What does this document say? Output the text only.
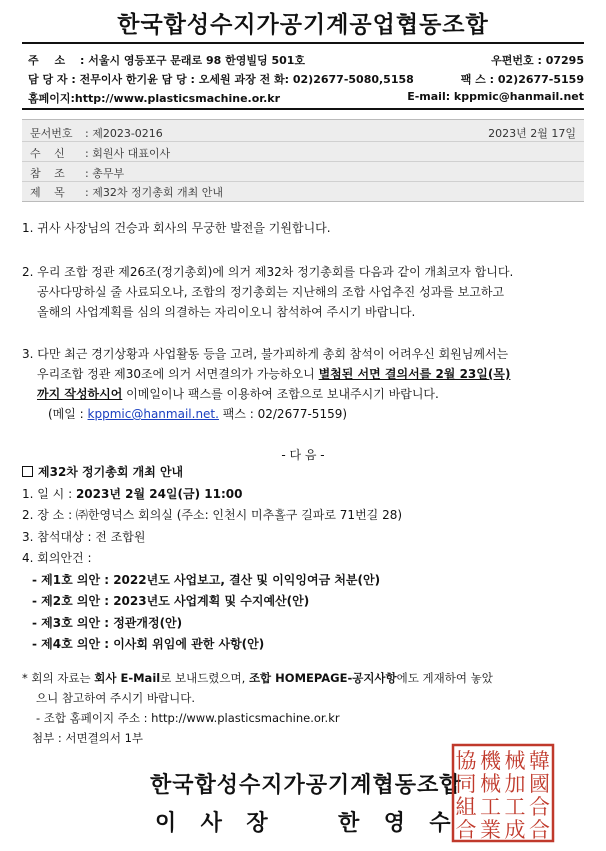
한국합성수지가공기계공업협동조합
주 소 : 서울시 영등포구 문래로 98 한영빌딩 501호	우편번호 : 07295
담 당 자 : 전무이사 한기윤 담 당 : 오세원 과장 전 화: 02)2677-5080,5158	팩 스 : 02)2677-5159
홈페이지:http://www.plasticsmachine.or.kr	E-mail: kppmic@hanmail.net
문서번호 : 제2023-0216	2023년 2월 17일
수 신 : 회원사 대표이사
참 조 : 총무부
제 목 : 제32차 정기총회 개최 안내
1. 귀사 사장님의 건승과 회사의 무궁한 발전을 기원합니다.
2. 우리 조합 정관 제26조(정기총회)에 의거 제32차 정기총회를 다음과 같이 개최코자 합니다.
공사다망하실 줄 사료되오나, 조합의 정기총회는 지난해의 조합 사업추진 성과를 보고하고
올해의 사업계획를 심의 의결하는 자리이오니 참석하여 주시기 바랍니다.
3. 다만 최근 경기상황과 사업활동 등을 고려, 불가피하게 총회 참석이 어려우신 회원님께서는
우리조합 정관 제30조에 의거 서면결의가 가능하오니 별첨된 서면 결의서를 2월 23일(목)
까지 작성하시어 이메일이나 팩스를 이용하여 조합으로 보내주시기 바랍니다.
(메일 : kppmic@hanmail.net. 팩스 : 02/2677-5159)
- 다 음 -
제32차 정기총회 개최 안내
1. 일 시 : 2023년 2월 24일(금) 11:00
2. 장 소 : ㈜한영넉스 회의실 (주소: 인천시 미추홀구 길파로 71번길 28)
3. 참석대상 : 전 조합원
4. 회의안건 :
- 제1호 의안 : 2022년도 사업보고, 결산 및 이익잉여금 처분(안)
- 제2호 의안 : 2023년도 사업계획 및 수지예산(안)
- 제3호 의안 : 정관개정(안)
- 제4호 의안 : 이사회 위임에 관한 사항(안)
* 회의 자료는 회사 E-Mail로 보내드렸으며, 조합 HOMEPAGE-공지사항에도 게재하여 놓았
으니 참고하여 주시기 바랍니다.
- 조합 홈페이지 주소 : http://www.plasticsmachine.or.kr
첨부 : 서면결의서 1부
한국합성수지가공기계협동조합
이 사 장	한 영 수
協 機 械 韓
同 械 加 國
組 工 工 合
合 業 成 合
